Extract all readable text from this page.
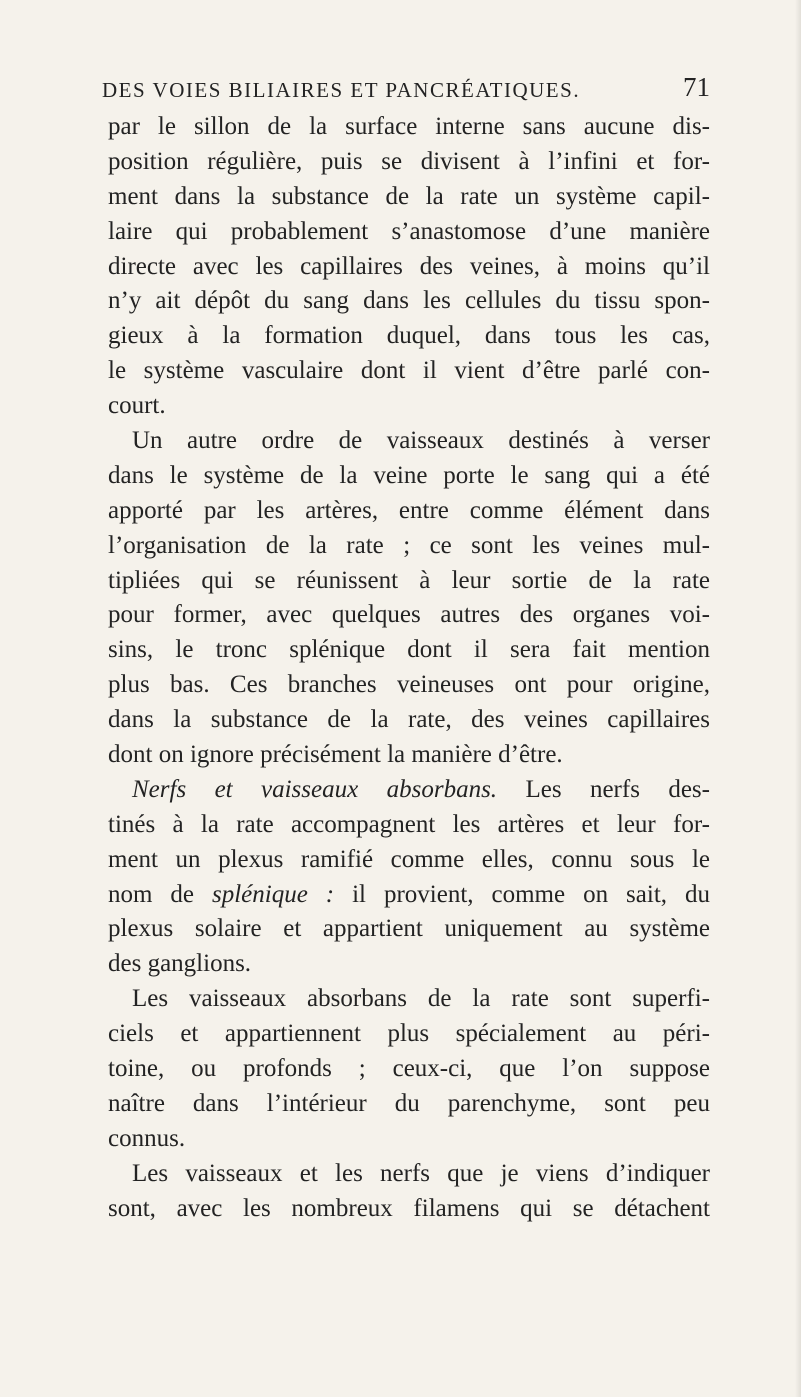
DES VOIES BILIAIRES ET PANCRÉATIQUES.	71
par le sillon de la surface interne sans aucune dis-
position régulière, puis se divisent à l’infini et for-
ment dans la substance de la rate un système capil-
laire qui probablement s’anastomose d’une manière
directe avec les capillaires des veines, à moins qu’il
n’y ait dépôt du sang dans les cellules du tissu spon-
gieux à la formation duquel, dans tous les cas,
le système vasculaire dont il vient d’être parlé con-
court.
Un autre ordre de vaisseaux destinés à verser
dans le système de la veine porte le sang qui a été
apporté par les artères, entre comme élément dans
l’organisation de la rate ; ce sont les veines mul-
tipliées qui se réunissent à leur sortie de la rate
pour former, avec quelques autres des organes voi-
sins, le tronc splénique dont il sera fait mention
plus bas. Ces branches veineuses ont pour origine,
dans la substance de la rate, des veines capillaires
dont on ignore précisément la manière d’être.
Nerfs et vaisseaux absorbans. Les nerfs des-
tinés à la rate accompagnent les artères et leur for-
ment un plexus ramifié comme elles, connu sous le
nom de splénique : il provient, comme on sait, du
plexus solaire et appartient uniquement au système
des ganglions.
Les vaisseaux absorbans de la rate sont superfi-
ciels et appartiennent plus spécialement au péri-
toine, ou profonds ; ceux-ci, que l’on suppose
naître dans l’intérieur du parenchyme, sont peu
connus.
Les vaisseaux et les nerfs que je viens d’indiquer
sont, avec les nombreux filamens qui se détachent
